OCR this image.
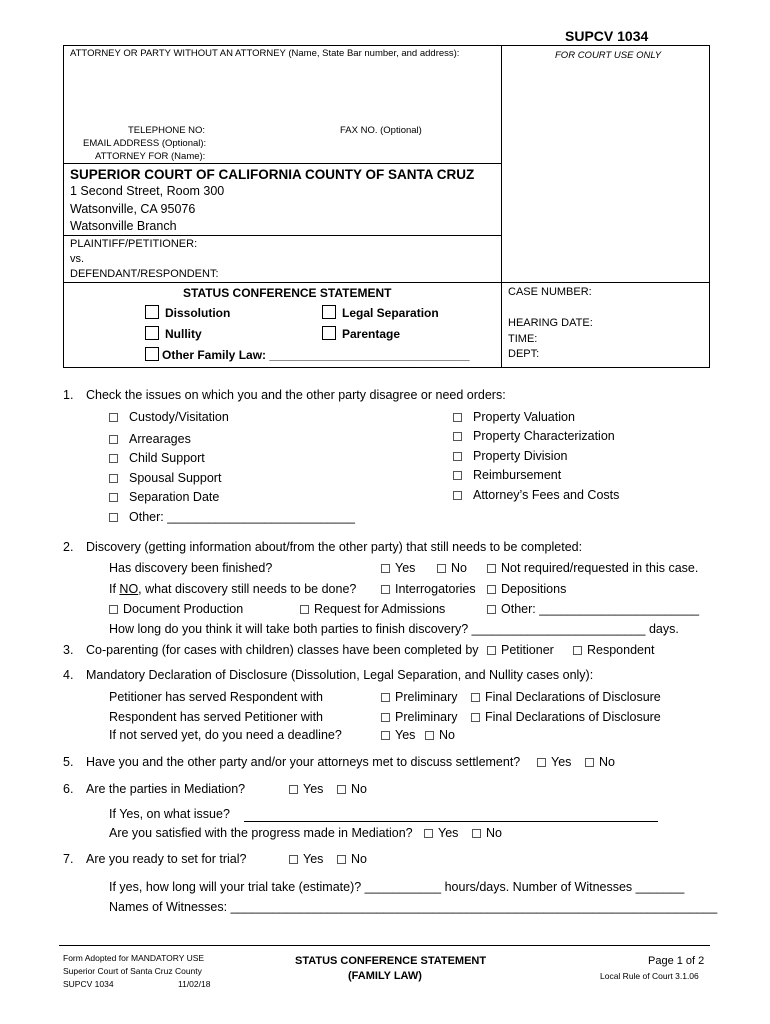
SUPCV 1034
ATTORNEY OR PARTY WITHOUT AN ATTORNEY (Name, State Bar number, and address):	FOR COURT USE ONLY
TELEPHONE NO:	FAX NO. (Optional)
EMAIL ADDRESS (Optional):
ATTORNEY FOR (Name):
SUPERIOR COURT OF CALIFORNIA COUNTY OF SANTA CRUZ
1 Second Street, Room 300
Watsonville, CA 95076
Watsonville Branch
PLAINTIFF/PETITIONER:
vs.
DEFENDANT/RESPONDENT:
STATUS CONFERENCE STATEMENT
Dissolution	Legal Separation
Nullity	Parentage
Other Family Law: ______________________________
CASE NUMBER:
HEARING DATE:
TIME:
DEPT:
1. Check the issues on which you and the other party disagree or need orders:
Custody/Visitation
Arrearages
Child Support
Spousal Support
Separation Date
Other: ___________________________
Property Valuation
Property Characterization
Property Division
Reimbursement
Attorney’s Fees and Costs
2. Discovery (getting information about/from the other party) that still needs to be completed:
Has discovery been finished?	Yes	No	Not required/requested in this case.
If NO, what discovery still needs to be done?	Interrogatories	Depositions
Document Production	Request for Admissions	Other: _______________________
How long do you think it will take both parties to finish discovery? _________________________ days.
3. Co-parenting (for cases with children) classes have been completed by	Petitioner	Respondent
4. Mandatory Declaration of Disclosure (Dissolution, Legal Separation, and Nullity cases only):
Petitioner has served Respondent with	Preliminary	Final Declarations of Disclosure
Respondent has served Petitioner with	Preliminary	Final Declarations of Disclosure
If not served yet, do you need a deadline?	Yes	No
5. Have you and the other party and/or your attorneys met to discuss settlement?	Yes	No
6. Are the parties in Mediation?	Yes	No
If Yes, on what issue?
Are you satisfied with the progress made in Mediation?	Yes	No
7. Are you ready to set for trial?	Yes	No
If yes, how long will your trial take (estimate)? ___________ hours/days. Number of Witnesses _______
Names of Witnesses: ______________________________________________________________________
Form Adopted for MANDATORY USE
Superior Court of Santa Cruz County
SUPCV 1034	11/02/18
STATUS CONFERENCE STATEMENT
(FAMILY LAW)
Page 1 of 2
Local Rule of Court 3.1.06
